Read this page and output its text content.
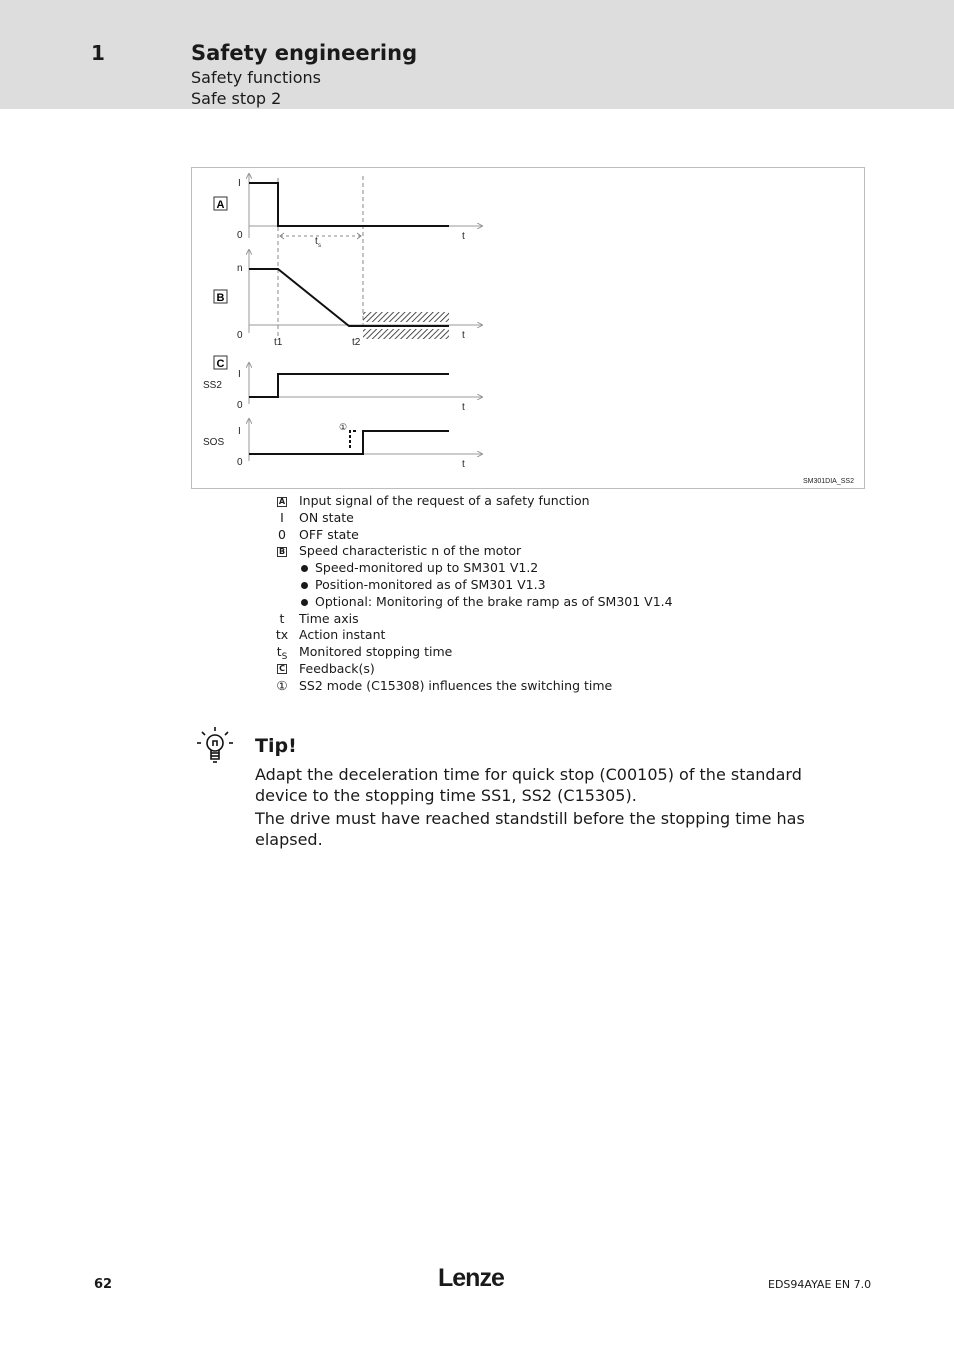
1	Safety engineering
Safety functions
Safe stop 2
A
B
C
I
0	t
t s
n
0	t
t1	t2
SS2
I
0	t
SOS
I
0	t
①
SM301DIA_SS2
A	Input signal of the request of a safety function
I	ON state
0	OFF state
B	Speed characteristic n of the motor
Speed-monitored up to SM301 V1.2
Position-monitored as of SM301 V1.3
Optional: Monitoring of the brake ramp as of SM301 V1.4
t	Time axis
tx Action instant
$t_S$ Monitored stopping time
C	Feedback(s)
① SS2 mode (C15308) influences the switching time
Tip!
Adapt the deceleration time for quick stop (C00105) of the standard device to the stopping time SS1, SS2 (C15305).
The drive must have reached standstill before the stopping time has elapsed.
62	Lenze	EDS94AYAE EN 7.0
